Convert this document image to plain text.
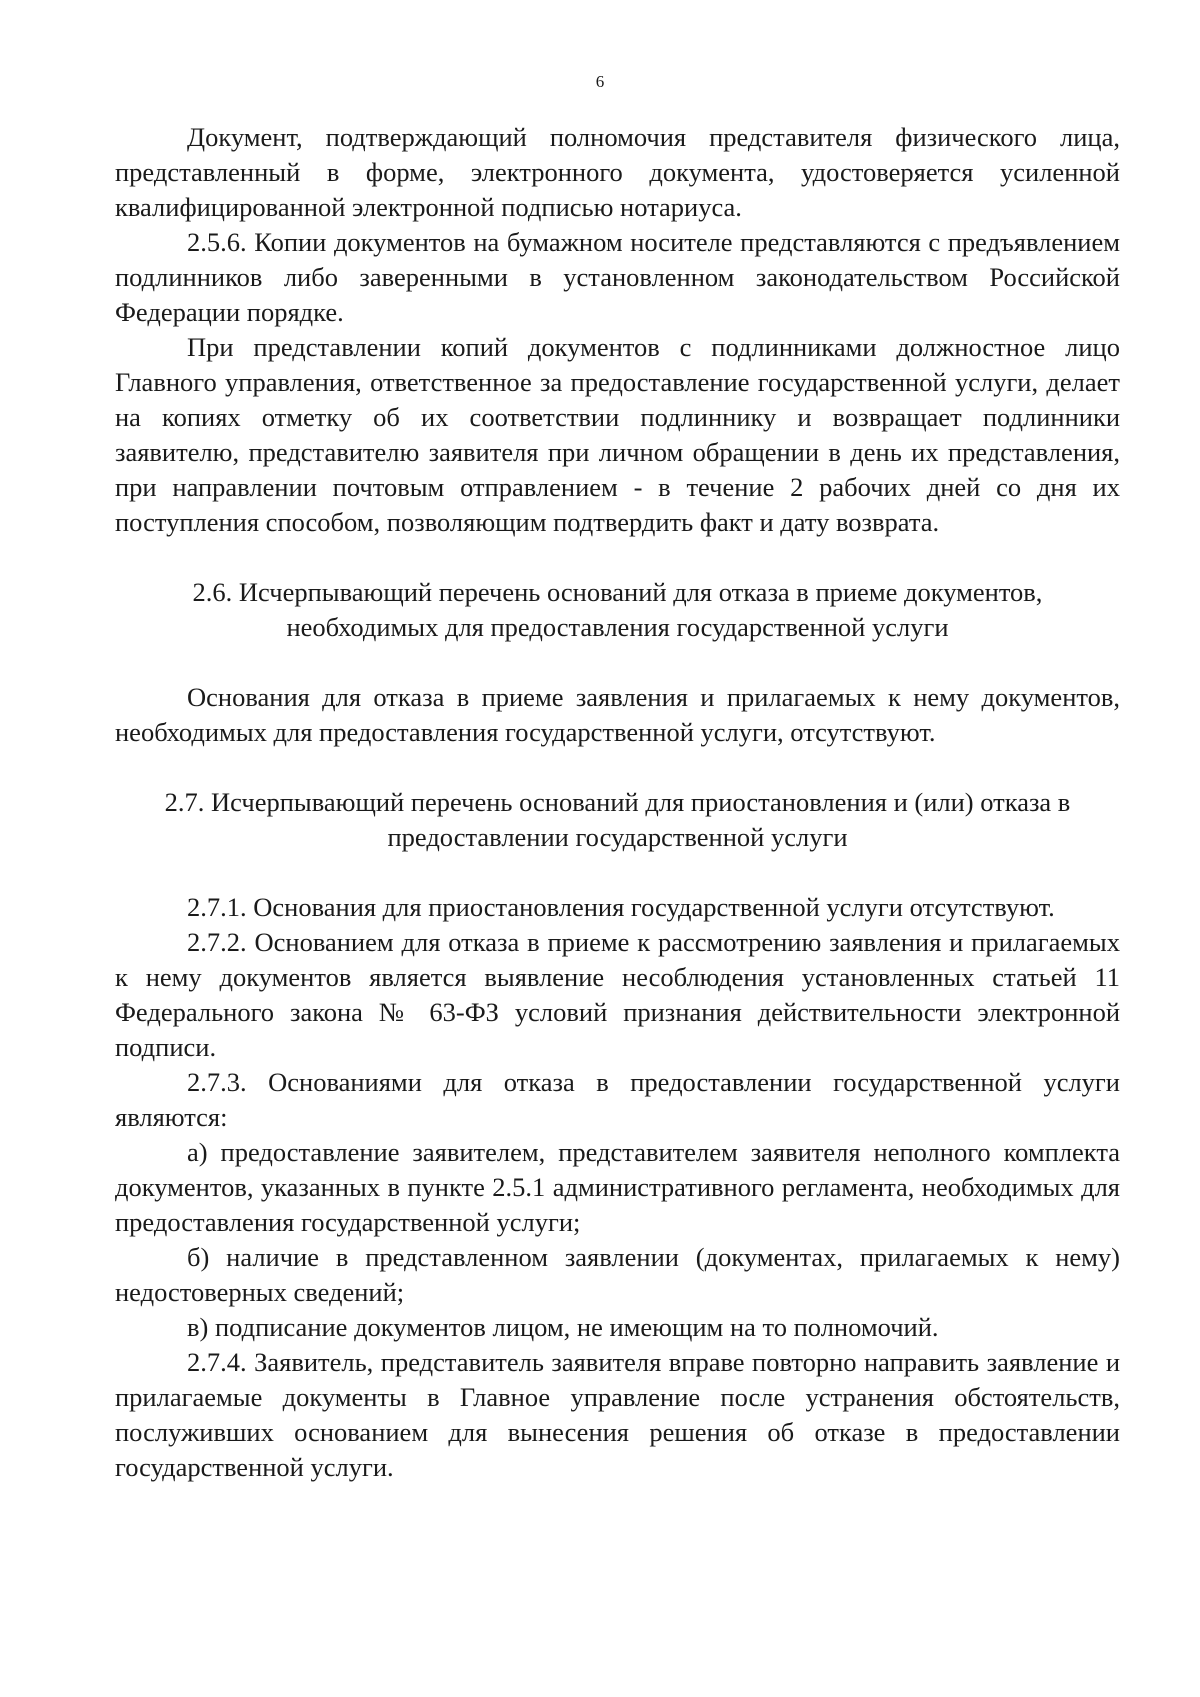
6

Документ, подтверждающий полномочия представителя физического лица, представленный в форме, электронного документа, удостоверяется усиленной квалифицированной электронной подписью нотариуса.

2.5.6. Копии документов на бумажном носителе представляются с предъявлением подлинников либо заверенными в установленном законодательством Российской Федерации порядке.

При представлении копий документов с подлинниками должностное лицо Главного управления, ответственное за предоставление государственной услуги, делает на копиях отметку об их соответствии подлиннику и возвращает подлинники заявителю, представителю заявителя при личном обращении в день их представления, при направлении почтовым отправлением - в течение 2 рабочих дней со дня их поступления способом, позволяющим подтвердить факт и дату возврата.

2.6. Исчерпывающий перечень оснований для отказа в приеме документов, необходимых для предоставления государственной услуги

Основания для отказа в приеме заявления и прилагаемых к нему документов, необходимых для предоставления государственной услуги, отсутствуют.

2.7. Исчерпывающий перечень оснований для приостановления и (или) отказа в предоставлении государственной услуги

2.7.1. Основания для приостановления государственной услуги отсутствуют.

2.7.2. Основанием для отказа в приеме к рассмотрению заявления и прилагаемых к нему документов является выявление несоблюдения установленных статьей 11 Федерального закона № 63-ФЗ условий признания действительности электронной подписи.

2.7.3. Основаниями для отказа в предоставлении государственной услуги являются:

а) предоставление заявителем, представителем заявителя неполного комплекта документов, указанных в пункте 2.5.1 административного регламента, необходимых для предоставления государственной услуги;

б) наличие в представленном заявлении (документах, прилагаемых к нему) недостоверных сведений;

в) подписание документов лицом, не имеющим на то полномочий.

2.7.4. Заявитель, представитель заявителя вправе повторно направить заявление и прилагаемые документы в Главное управление после устранения обстоятельств, послуживших основанием для вынесения решения об отказе в предоставлении государственной услуги.
